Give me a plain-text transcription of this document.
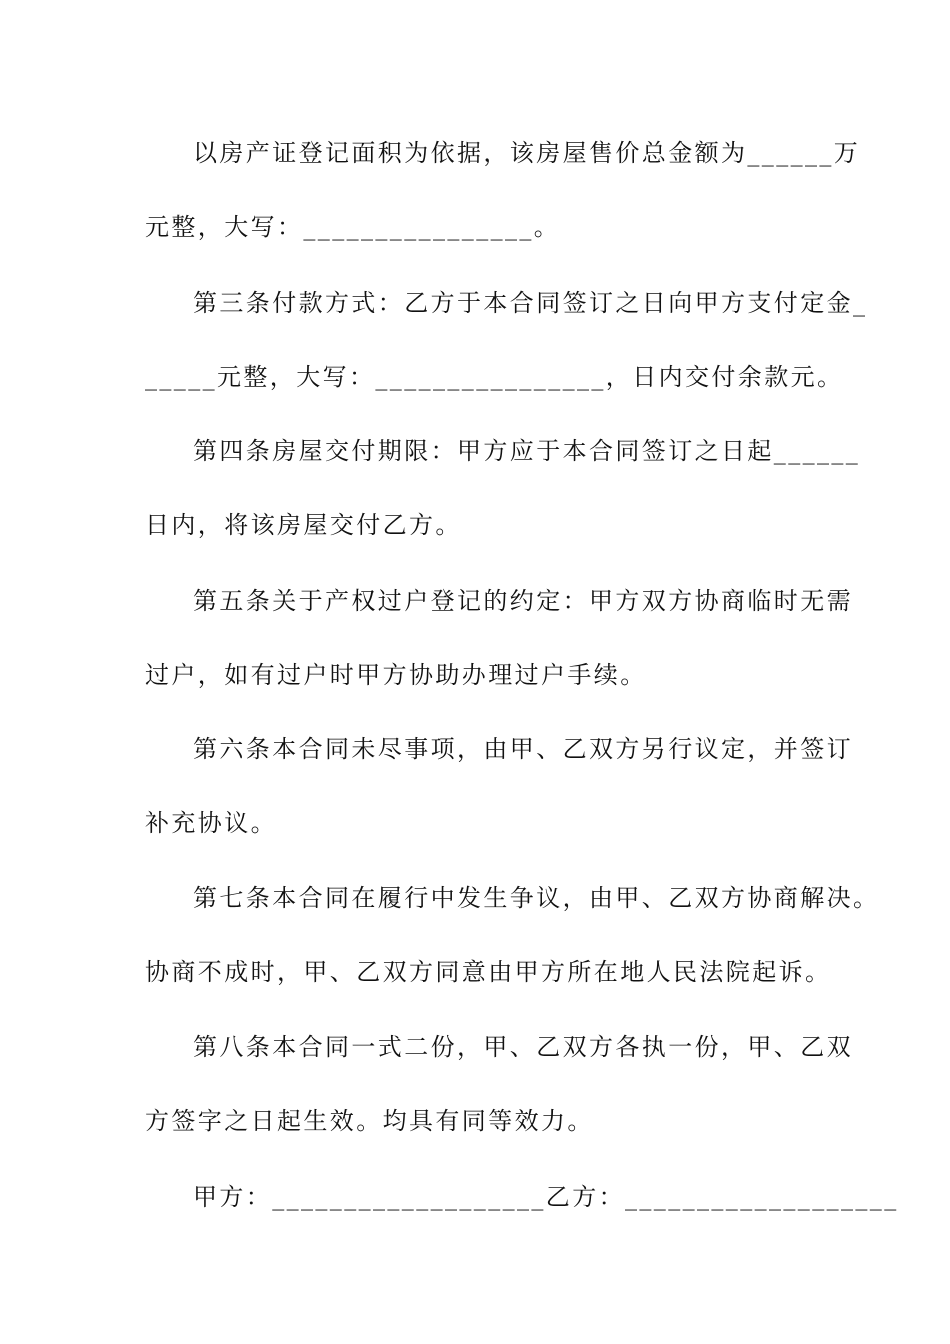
以房产证登记面积为依据，该房屋售价总金额为______万
元整，大写：________________。
第三条付款方式：乙方于本合同签订之日向甲方支付定金_
_____元整，大写：________________，日内交付余款元。
第四条房屋交付期限：甲方应于本合同签订之日起______
日内，将该房屋交付乙方。
第五条关于产权过户登记的约定：甲方双方协商临时无需
过户，如有过户时甲方协助办理过户手续。
第六条本合同未尽事项，由甲、乙双方另行议定，并签订
补充协议。
第七条本合同在履行中发生争议，由甲、乙双方协商解决。
协商不成时，甲、乙双方同意由甲方所在地人民法院起诉。
第八条本合同一式二份，甲、乙双方各执一份，甲、乙双
方签字之日起生效。均具有同等效力。
甲方：___________________乙方：___________________
